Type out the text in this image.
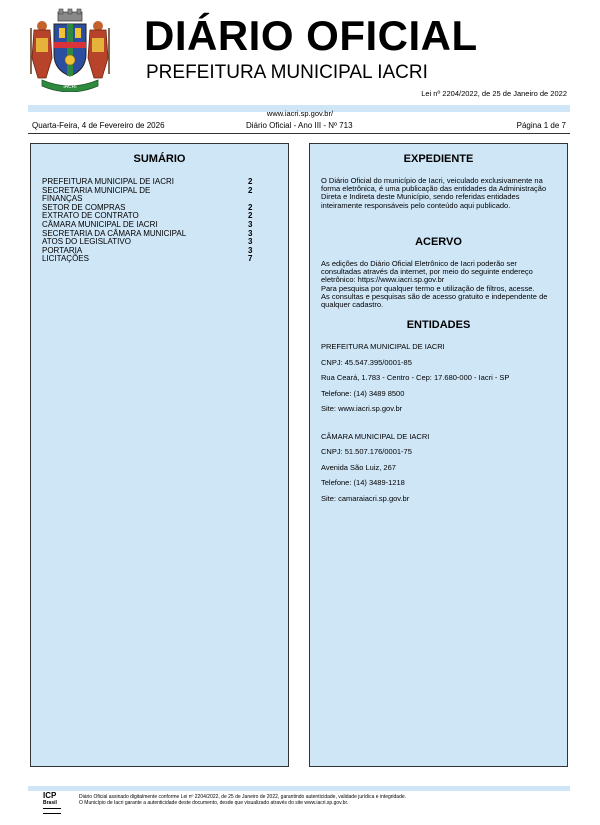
IACRI
DIÁRIO OFICIAL
PREFEITURA MUNICIPAL IACRI
Lei nº 2204/2022, de 25 de Janeiro de 2022
www.iacri.sp.gov.br/
Quarta-Feira, 4 de Fevereiro de 2026	Diário Oficial - Ano III - Nº 713	Página 1 de 7
SUMÁRIO
PREFEITURA MUNICIPAL DE IACRI	2
SECRETARIA MUNICIPAL DE FINANÇAS
2
SETOR DE COMPRAS	2
EXTRATO DE CONTRATO	2
CÂMARA MUNICIPAL DE IACRI	3
SECRETARIA DA CÂMARA MUNICIPAL	3
ATOS DO LEGISLATIVO	3
PORTARIA	3
LICITAÇÕES	7
EXPEDIENTE
O Diário Oficial do município de Iacri, veiculado exclusivamente na forma eletrônica, é uma publicação das entidades da Administração Direta e Indireta deste Município, sendo referidas entidades inteiramente responsáveis pelo conteúdo aqui publicado.
ACERVO
As edições do Diário Oficial Eletrônico de Iacri poderão ser consultadas através da internet, por meio do seguinte endereço eletrônico: https://www.iacri.sp.gov.br
Para pesquisa por qualquer termo e utilização de filtros, acesse.
As consultas e pesquisas são de acesso gratuito e independente de qualquer cadastro.
ENTIDADES
PREFEITURA MUNICIPAL DE IACRI
CNPJ: 45.547.395/0001-85
Rua Ceará, 1.783 - Centro - Cep: 17.680-000 - Iacri - SP
Telefone: (14) 3489 8500
Site: www.iacri.sp.gov.br
CÂMARA MUNICIPAL DE IACRI
CNPJ: 51.507.176/0001-75
Avenida São Luiz, 267
Telefone: (14) 3489-1218
Site: camaraiacri.sp.gov.br
ICP
Brasil
Diário Oficial assinado digitalmente conforme Lei nº 2204/2022, de 25 de Janeiro de 2022, garantindo autenticidade, validade jurídica e integridade.
O Município de Iacri garante a autenticidade deste documento, desde que visualizado através do site www.iacri.sp.gov.br.
